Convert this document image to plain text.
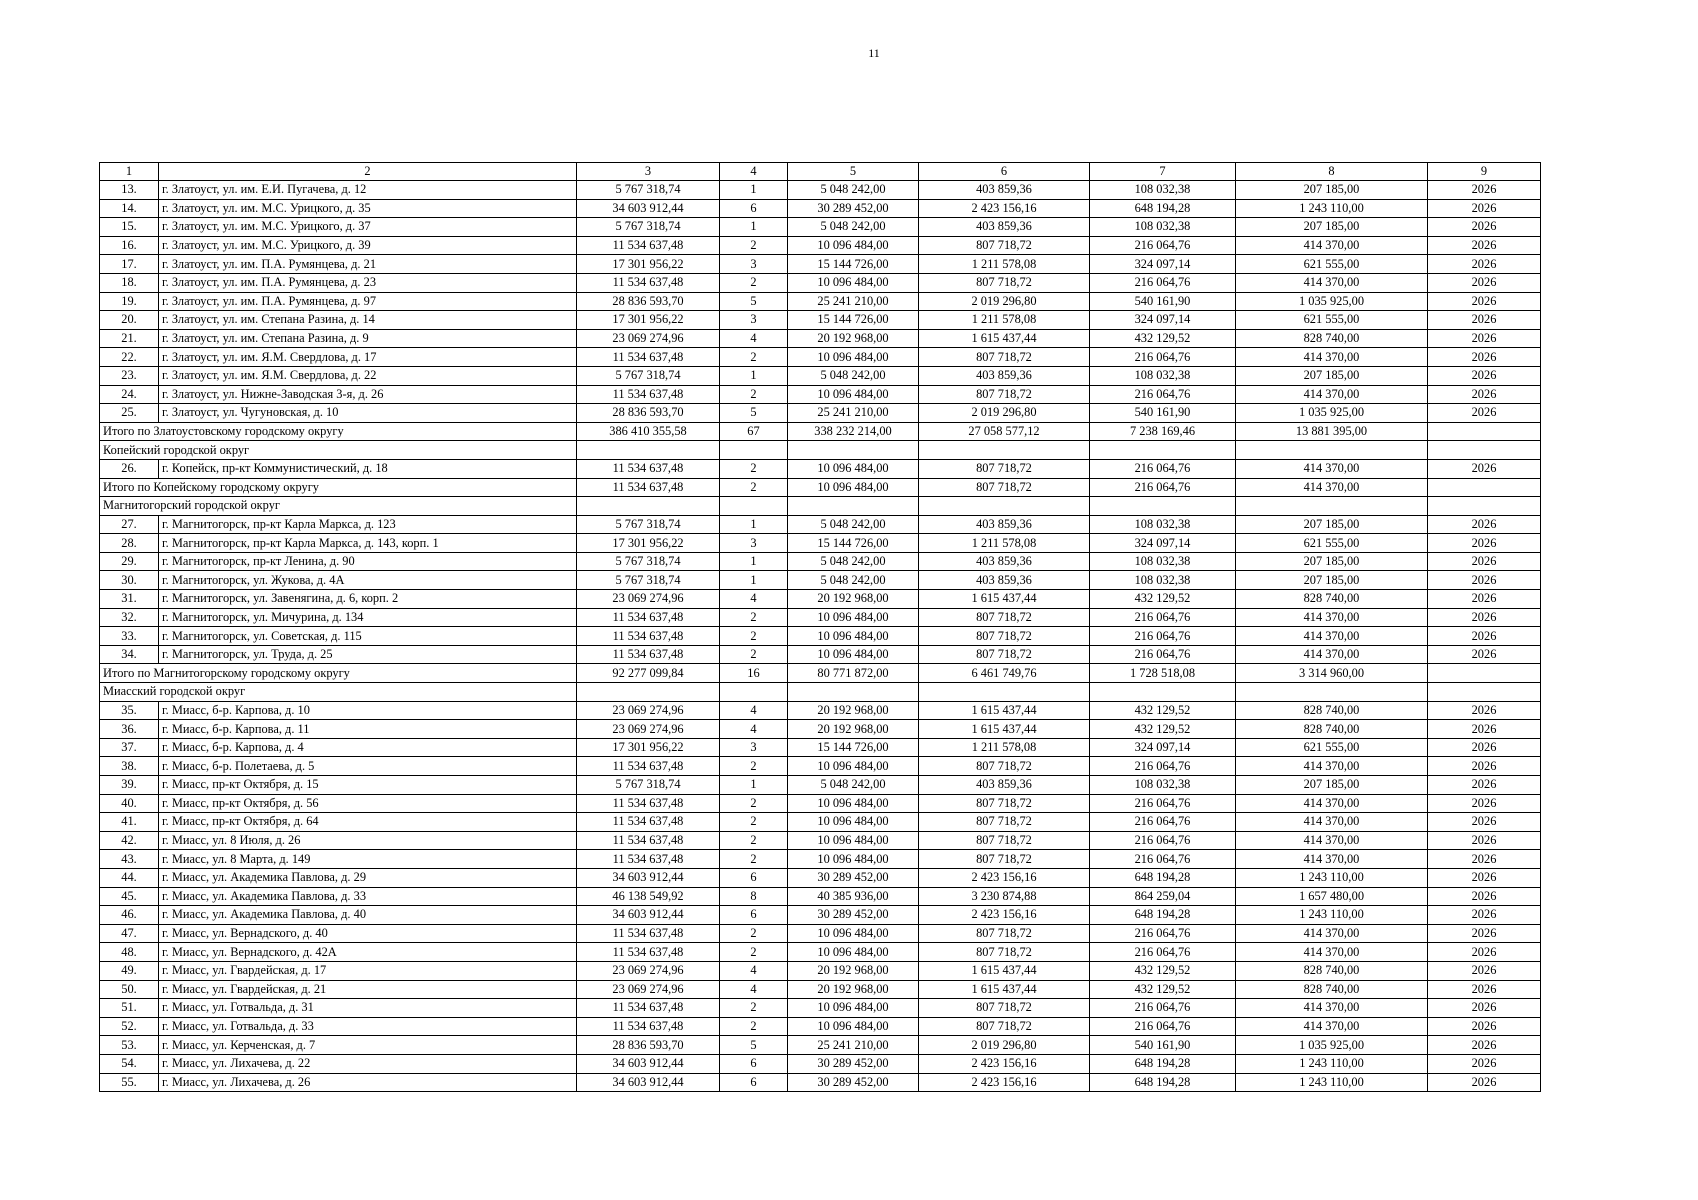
11
1	2	3	4	5	6	7	8	9
13.	г. Златоуст, ул. им. Е.И. Пугачева, д. 12	5 767 318,74	1	5 048 242,00	403 859,36	108 032,38	207 185,00	2026
14.	г. Златоуст, ул. им. М.С. Урицкого, д. 35	34 603 912,44	6	30 289 452,00	2 423 156,16	648 194,28	1 243 110,00	2026
15.	г. Златоуст, ул. им. М.С. Урицкого, д. 37	5 767 318,74	1	5 048 242,00	403 859,36	108 032,38	207 185,00	2026
16.	г. Златоуст, ул. им. М.С. Урицкого, д. 39	11 534 637,48	2	10 096 484,00	807 718,72	216 064,76	414 370,00	2026
17.	г. Златоуст, ул. им. П.А. Румянцева, д. 21	17 301 956,22	3	15 144 726,00	1 211 578,08	324 097,14	621 555,00	2026
18.	г. Златоуст, ул. им. П.А. Румянцева, д. 23	11 534 637,48	2	10 096 484,00	807 718,72	216 064,76	414 370,00	2026
19.	г. Златоуст, ул. им. П.А. Румянцева, д. 97	28 836 593,70	5	25 241 210,00	2 019 296,80	540 161,90	1 035 925,00	2026
20.	г. Златоуст, ул. им. Степана Разина, д. 14	17 301 956,22	3	15 144 726,00	1 211 578,08	324 097,14	621 555,00	2026
21.	г. Златоуст, ул. им. Степана Разина, д. 9	23 069 274,96	4	20 192 968,00	1 615 437,44	432 129,52	828 740,00	2026
22.	г. Златоуст, ул. им. Я.М. Свердлова, д. 17	11 534 637,48	2	10 096 484,00	807 718,72	216 064,76	414 370,00	2026
23.	г. Златоуст, ул. им. Я.М. Свердлова, д. 22	5 767 318,74	1	5 048 242,00	403 859,36	108 032,38	207 185,00	2026
24.	г. Златоуст, ул. Нижне-Заводская 3-я, д. 26	11 534 637,48	2	10 096 484,00	807 718,72	216 064,76	414 370,00	2026
25.	г. Златоуст, ул. Чугуновская, д. 10	28 836 593,70	5	25 241 210,00	2 019 296,80	540 161,90	1 035 925,00	2026
Итого по Златоустовскому городскому округу		386 410 355,58	67	338 232 214,00	27 058 577,12	7 238 169,46	13 881 395,00	
Копейский городской округ								
26.	г. Копейск, пр-кт Коммунистический, д. 18	11 534 637,48	2	10 096 484,00	807 718,72	216 064,76	414 370,00	2026
Итого по Копейскому городскому округу		11 534 637,48	2	10 096 484,00	807 718,72	216 064,76	414 370,00	
Магнитогорский городской округ								
27.	г. Магнитогорск, пр-кт Карла Маркса, д. 123	5 767 318,74	1	5 048 242,00	403 859,36	108 032,38	207 185,00	2026
28.	г. Магнитогорск, пр-кт Карла Маркса, д. 143, корп. 1	17 301 956,22	3	15 144 726,00	1 211 578,08	324 097,14	621 555,00	2026
29.	г. Магнитогорск, пр-кт Ленина, д. 90	5 767 318,74	1	5 048 242,00	403 859,36	108 032,38	207 185,00	2026
30.	г. Магнитогорск, ул. Жукова, д. 4А	5 767 318,74	1	5 048 242,00	403 859,36	108 032,38	207 185,00	2026
31.	г. Магнитогорск, ул. Завенягина, д. 6, корп. 2	23 069 274,96	4	20 192 968,00	1 615 437,44	432 129,52	828 740,00	2026
32.	г. Магнитогорск, ул. Мичурина, д. 134	11 534 637,48	2	10 096 484,00	807 718,72	216 064,76	414 370,00	2026
33.	г. Магнитогорск, ул. Советская, д. 115	11 534 637,48	2	10 096 484,00	807 718,72	216 064,76	414 370,00	2026
34.	г. Магнитогорск, ул. Труда, д. 25	11 534 637,48	2	10 096 484,00	807 718,72	216 064,76	414 370,00	2026
Итого по Магнитогорскому городскому округу		92 277 099,84	16	80 771 872,00	6 461 749,76	1 728 518,08	3 314 960,00	
Миасский городской округ								
35.	г. Миасс, б-р. Карпова, д. 10	23 069 274,96	4	20 192 968,00	1 615 437,44	432 129,52	828 740,00	2026
36.	г. Миасс, б-р. Карпова, д. 11	23 069 274,96	4	20 192 968,00	1 615 437,44	432 129,52	828 740,00	2026
37.	г. Миасс, б-р. Карпова, д. 4	17 301 956,22	3	15 144 726,00	1 211 578,08	324 097,14	621 555,00	2026
38.	г. Миасс, б-р. Полетаева, д. 5	11 534 637,48	2	10 096 484,00	807 718,72	216 064,76	414 370,00	2026
39.	г. Миасс, пр-кт Октября, д. 15	5 767 318,74	1	5 048 242,00	403 859,36	108 032,38	207 185,00	2026
40.	г. Миасс, пр-кт Октября, д. 56	11 534 637,48	2	10 096 484,00	807 718,72	216 064,76	414 370,00	2026
41.	г. Миасс, пр-кт Октября, д. 64	11 534 637,48	2	10 096 484,00	807 718,72	216 064,76	414 370,00	2026
42.	г. Миасс, ул. 8 Июля, д. 26	11 534 637,48	2	10 096 484,00	807 718,72	216 064,76	414 370,00	2026
43.	г. Миасс, ул. 8 Марта, д. 149	11 534 637,48	2	10 096 484,00	807 718,72	216 064,76	414 370,00	2026
44.	г. Миасс, ул. Академика Павлова, д. 29	34 603 912,44	6	30 289 452,00	2 423 156,16	648 194,28	1 243 110,00	2026
45.	г. Миасс, ул. Академика Павлова, д. 33	46 138 549,92	8	40 385 936,00	3 230 874,88	864 259,04	1 657 480,00	2026
46.	г. Миасс, ул. Академика Павлова, д. 40	34 603 912,44	6	30 289 452,00	2 423 156,16	648 194,28	1 243 110,00	2026
47.	г. Миасс, ул. Вернадского, д. 40	11 534 637,48	2	10 096 484,00	807 718,72	216 064,76	414 370,00	2026
48.	г. Миасс, ул. Вернадского, д. 42А	11 534 637,48	2	10 096 484,00	807 718,72	216 064,76	414 370,00	2026
49.	г. Миасс, ул. Гвардейская, д. 17	23 069 274,96	4	20 192 968,00	1 615 437,44	432 129,52	828 740,00	2026
50.	г. Миасс, ул. Гвардейская, д. 21	23 069 274,96	4	20 192 968,00	1 615 437,44	432 129,52	828 740,00	2026
51.	г. Миасс, ул. Готвальда, д. 31	11 534 637,48	2	10 096 484,00	807 718,72	216 064,76	414 370,00	2026
52.	г. Миасс, ул. Готвальда, д. 33	11 534 637,48	2	10 096 484,00	807 718,72	216 064,76	414 370,00	2026
53.	г. Миасс, ул. Керченская, д. 7	28 836 593,70	5	25 241 210,00	2 019 296,80	540 161,90	1 035 925,00	2026
54.	г. Миасс, ул. Лихачева, д. 22	34 603 912,44	6	30 289 452,00	2 423 156,16	648 194,28	1 243 110,00	2026
55.	г. Миасс, ул. Лихачева, д. 26	34 603 912,44	6	30 289 452,00	2 423 156,16	648 194,28	1 243 110,00	2026
